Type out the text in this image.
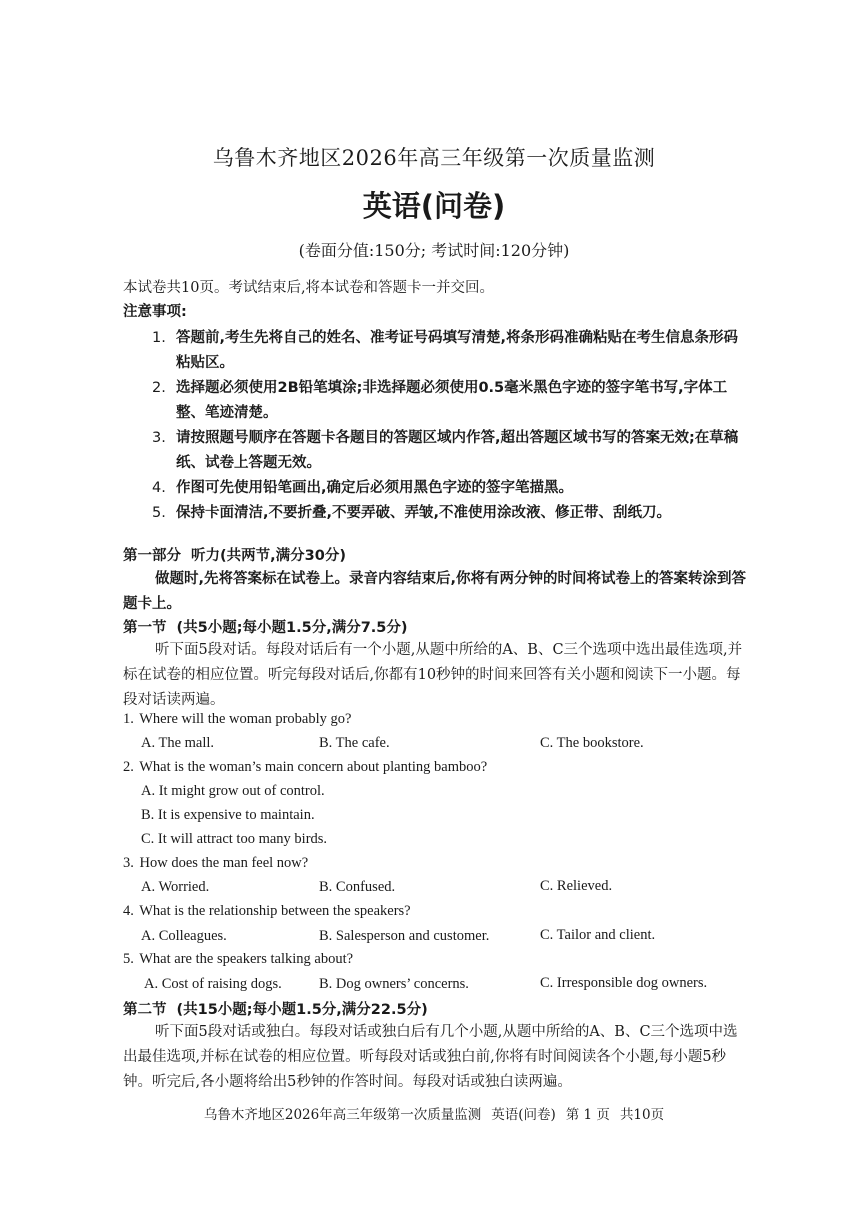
乌鲁木齐地区2026年高三年级第一次质量监测
英语(问卷)
(卷面分值:150分; 考试时间:120分钟)
本试卷共10页。考试结束后,将本试卷和答题卡一并交回。
注意事项:
1. 答题前,考生先将自己的姓名、准考证号码填写清楚,将条形码准确粘贴在考生信息条形码粘贴区。
2. 选择题必须使用2B铅笔填涂;非选择题必须使用0.5毫米黑色字迹的签字笔书写,字体工整、笔迹清楚。
3. 请按照题号顺序在答题卡各题目的答题区域内作答,超出答题区域书写的答案无效;在草稿纸、试卷上答题无效。
4. 作图可先使用铅笔画出,确定后必须用黑色字迹的签字笔描黑。
5. 保持卡面清洁,不要折叠,不要弄破、弄皱,不准使用涂改液、修正带、刮纸刀。
第一部分 听力(共两节,满分30分)
做题时,先将答案标在试卷上。录音内容结束后,你将有两分钟的时间将试卷上的答案转涂到答题卡上。
第一节 (共5小题;每小题1.5分,满分7.5分)
听下面5段对话。每段对话后有一个小题,从题中所给的A、B、C三个选项中选出最佳选项,并标在试卷的相应位置。听完每段对话后,你都有10秒钟的时间来回答有关小题和阅读下一小题。每段对话读两遍。
1. Where will the woman probably go?
A. The mall.	B. The cafe.	C. The bookstore.
2. What is the woman’s main concern about planting bamboo?
A. It might grow out of control.
B. It is expensive to maintain.
C. It will attract too many birds.
3. How does the man feel now?
A. Worried.	B. Confused.	C. Relieved.
4. What is the relationship between the speakers?
A. Colleagues.	B. Salesperson and customer.	C. Tailor and client.
5. What are the speakers talking about?
A. Cost of raising dogs.	B. Dog owners’ concerns.	C. Irresponsible dog owners.
第二节 (共15小题;每小题1.5分,满分22.5分)
听下面5段对话或独白。每段对话或独白后有几个小题,从题中所给的A、B、C三个选项中选出最佳选项,并标在试卷的相应位置。听每段对话或独白前,你将有时间阅读各个小题,每小题5秒钟。听完后,各小题将给出5秒钟的作答时间。每段对话或独白读两遍。
乌鲁木齐地区2026年高三年级第一次质量监测 英语(问卷) 第 1 页 共10页
